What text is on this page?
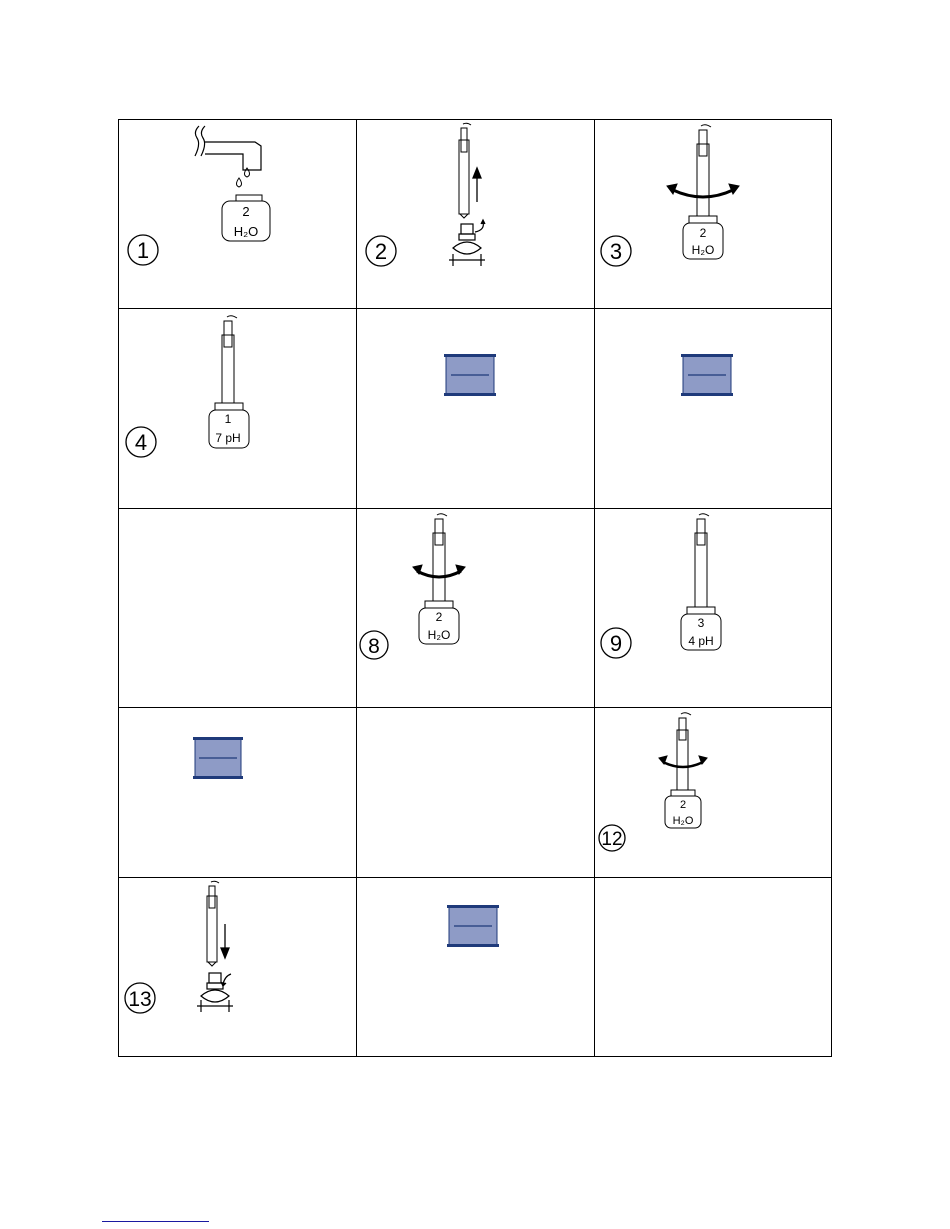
2
H₂O
1	2
2
H₂O
3
1
7 pH
4
2
H₂O
8
3
4 pH
9
2
H₂O
12
13
